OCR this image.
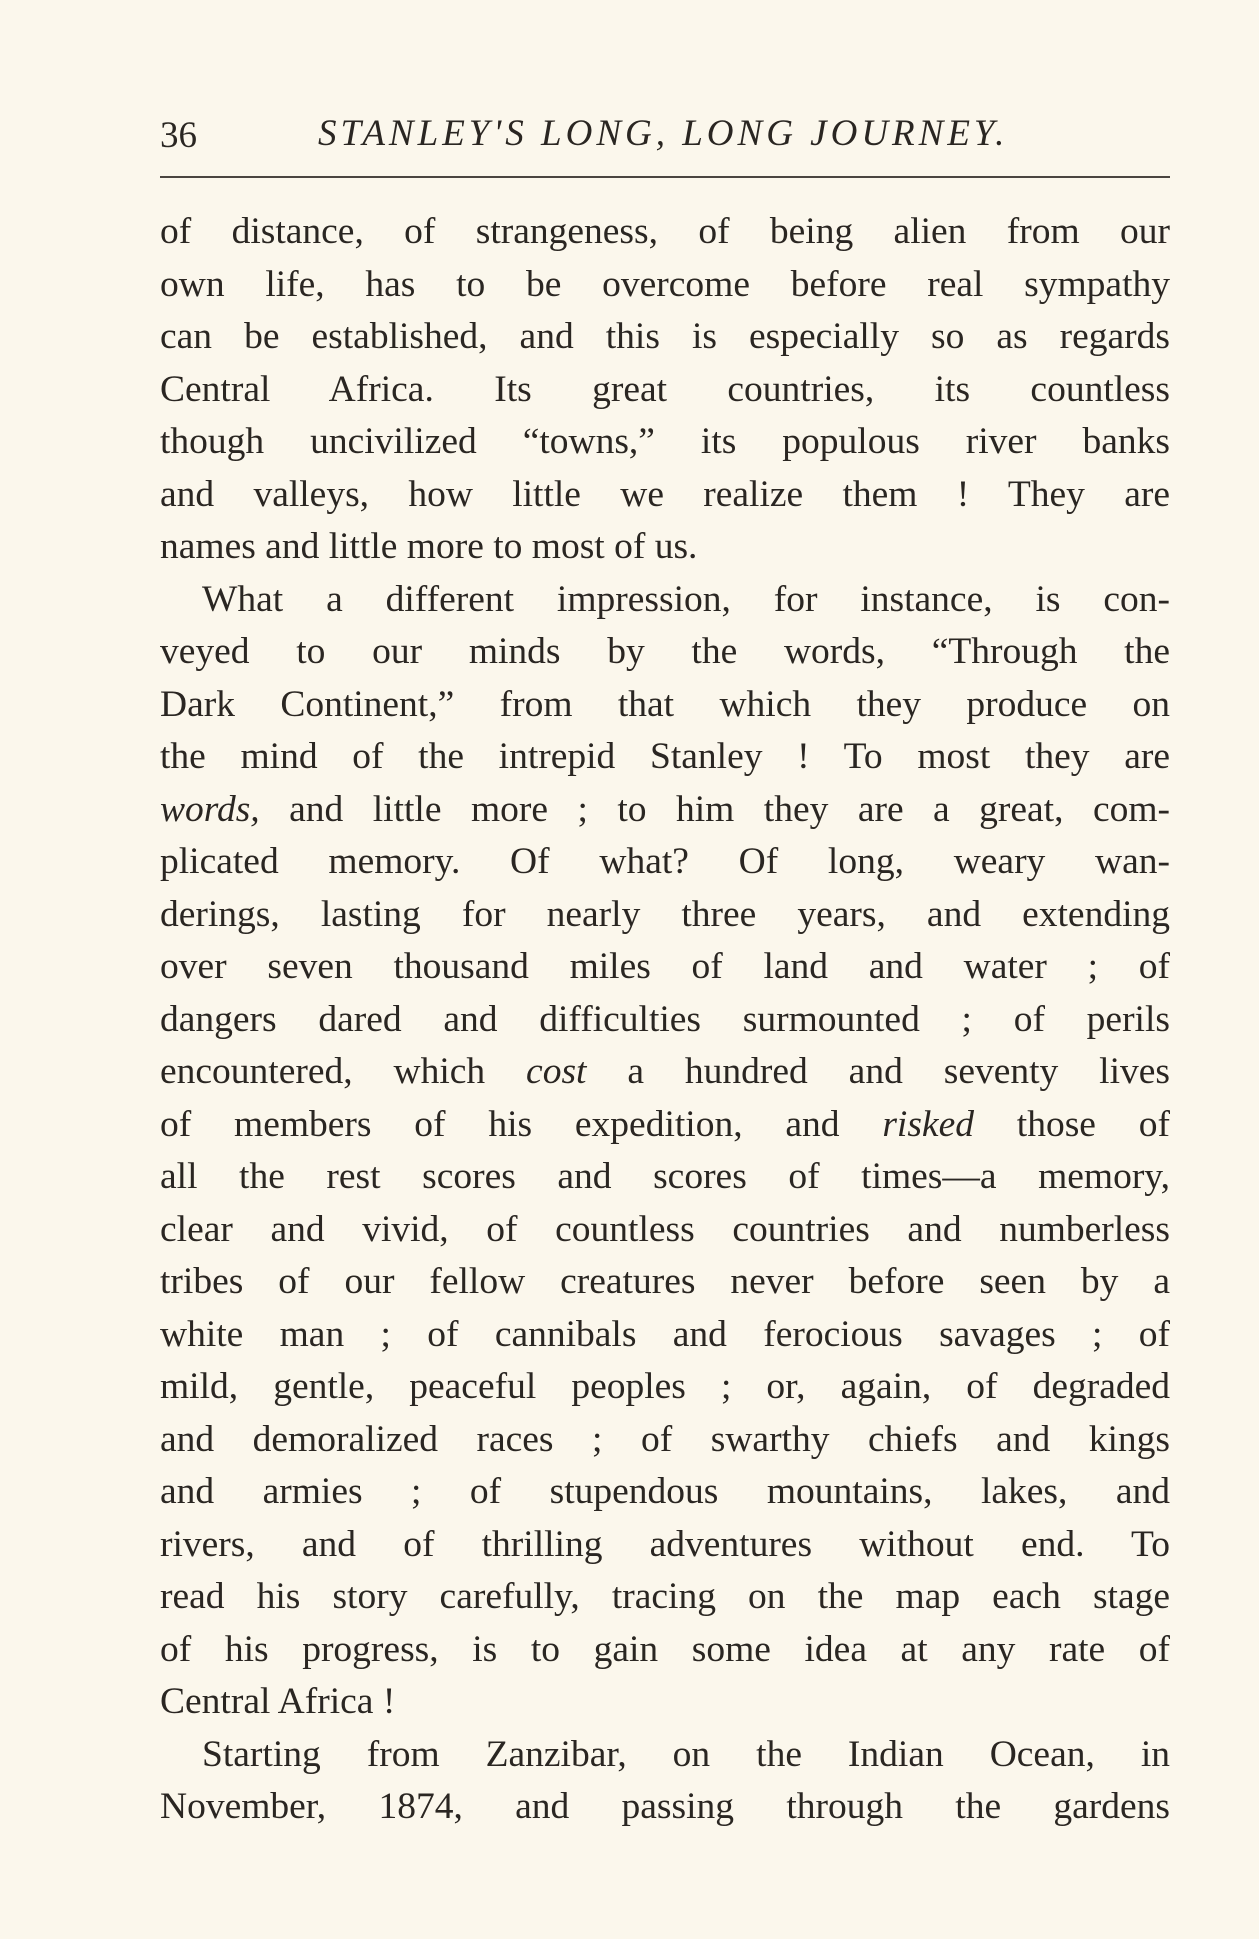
36	STANLEY'S LONG, LONG JOURNEY.
of distance, of strangeness, of being alien from our
own life, has to be overcome before real sympathy
can be established, and this is especially so as regards
Central Africa. Its great countries, its countless
though uncivilized “towns,” its populous river banks
and valleys, how little we realize them ! They are
names and little more to most of us.
What a different impression, for instance, is con-
veyed to our minds by the words, “Through the
Dark Continent,” from that which they produce on
the mind of the intrepid Stanley ! To most they are
words, and little more ; to him they are a great, com-
plicated memory. Of what? Of long, weary wan-
derings, lasting for nearly three years, and extending
over seven thousand miles of land and water ; of
dangers dared and difficulties surmounted ; of perils
encountered, which cost a hundred and seventy lives
of members of his expedition, and risked those of
all the rest scores and scores of times—a memory,
clear and vivid, of countless countries and numberless
tribes of our fellow creatures never before seen by a
white man ; of cannibals and ferocious savages ; of
mild, gentle, peaceful peoples ; or, again, of degraded
and demoralized races ; of swarthy chiefs and kings
and armies ; of stupendous mountains, lakes, and
rivers, and of thrilling adventures without end. To
read his story carefully, tracing on the map each stage
of his progress, is to gain some idea at any rate of
Central Africa !
Starting from Zanzibar, on the Indian Ocean, in
November, 1874, and passing through the gardens
